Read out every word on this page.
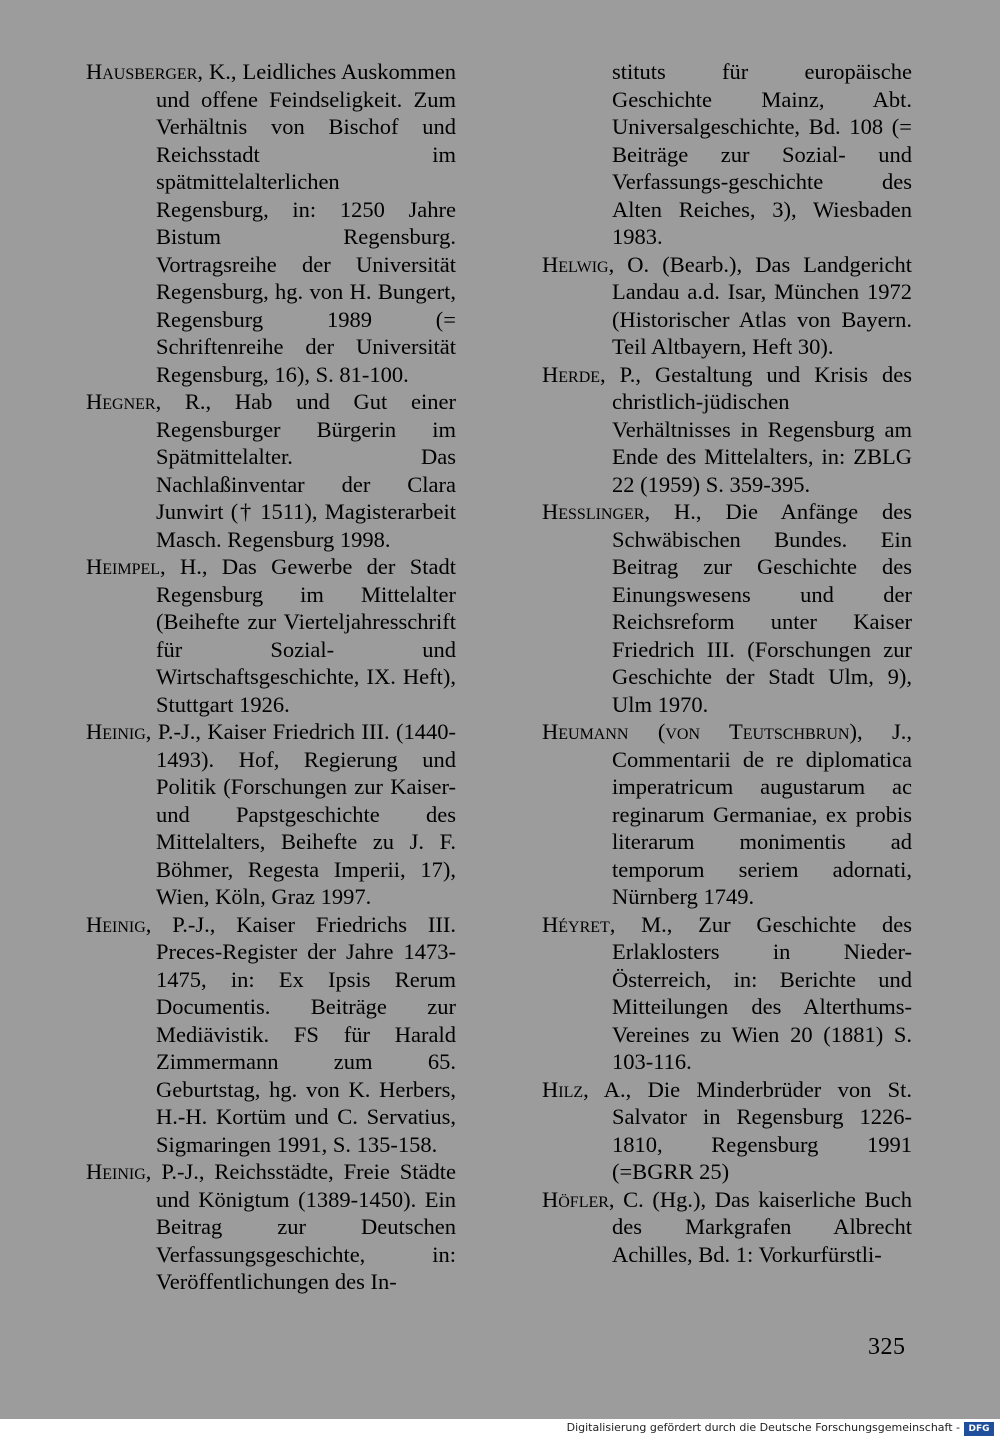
Hausberger, K., Leidliches Auskommen und offene Feindseligkeit. Zum Verhältnis von Bischof und Reichsstadt im spätmittelalterlichen Regensburg, in: 1250 Jahre Bistum Regensburg. Vortragsreihe der Universität Regensburg, hg. von H. Bungert, Regensburg 1989 (= Schriftenreihe der Universität Regensburg, 16), S. 81-100.

Hegner, R., Hab und Gut einer Regensburger Bürgerin im Spätmittelalter. Das Nachlaßinventar der Clara Junwirt († 1511), Magisterarbeit Masch. Regensburg 1998.

Heimpel, H., Das Gewerbe der Stadt Regensburg im Mittelalter (Beihefte zur Vierteljahresschrift für Sozial- und Wirtschaftsgeschichte, IX. Heft), Stuttgart 1926.

Heinig, P.-J., Kaiser Friedrich III. (1440-1493). Hof, Regierung und Politik (Forschungen zur Kaiser- und Papstgeschichte des Mittelalters, Beihefte zu J. F. Böhmer, Regesta Imperii, 17), Wien, Köln, Graz 1997.

Heinig, P.-J., Kaiser Friedrichs III. Preces-Register der Jahre 1473-1475, in: Ex Ipsis Rerum Documentis. Beiträge zur Mediävistik. FS für Harald Zimmermann zum 65. Geburtstag, hg. von K. Herbers, H.-H. Kortüm und C. Servatius, Sigmaringen 1991, S. 135-158.

Heinig, P.-J., Reichsstädte, Freie Städte und Königtum (1389-1450). Ein Beitrag zur Deutschen Verfassungsgeschichte, in: Veröffentlichungen des In-

stituts für europäische Geschichte Mainz, Abt. Universalgeschichte, Bd. 108 (= Beiträge zur Sozial- und Verfassungs-geschichte des Alten Reiches, 3), Wiesbaden 1983.

Helwig, O. (Bearb.), Das Landgericht Landau a.d. Isar, München 1972 (Historischer Atlas von Bayern. Teil Altbayern, Heft 30).

Herde, P., Gestaltung und Krisis des christlich-jüdischen Verhältnisses in Regensburg am Ende des Mittelalters, in: ZBLG 22 (1959) S. 359-395.

Hesslinger, H., Die Anfänge des Schwäbischen Bundes. Ein Beitrag zur Geschichte des Einungswesens und der Reichsreform unter Kaiser Friedrich III. (Forschungen zur Geschichte der Stadt Ulm, 9), Ulm 1970.

Heumann (von Teutschbrun), J., Commentarii de re diplomatica imperatricum augustarum ac reginarum Germaniae, ex probis literarum monimentis ad temporum seriem adornati, Nürnberg 1749.

Héyret, M., Zur Geschichte des Erlaklosters in Nieder-Österreich, in: Berichte und Mitteilungen des Alterthums-Vereines zu Wien 20 (1881) S. 103-116.

Hilz, A., Die Minderbrüder von St. Salvator in Regensburg 1226-1810, Regensburg 1991 (=BGRR 25)

Höfler, C. (Hg.), Das kaiserliche Buch des Markgrafen Albrecht Achilles, Bd. 1: Vorkurfürstli-

325
Digitalisierung gefördert durch die Deutsche Forschungsgemeinschaft - DFG
